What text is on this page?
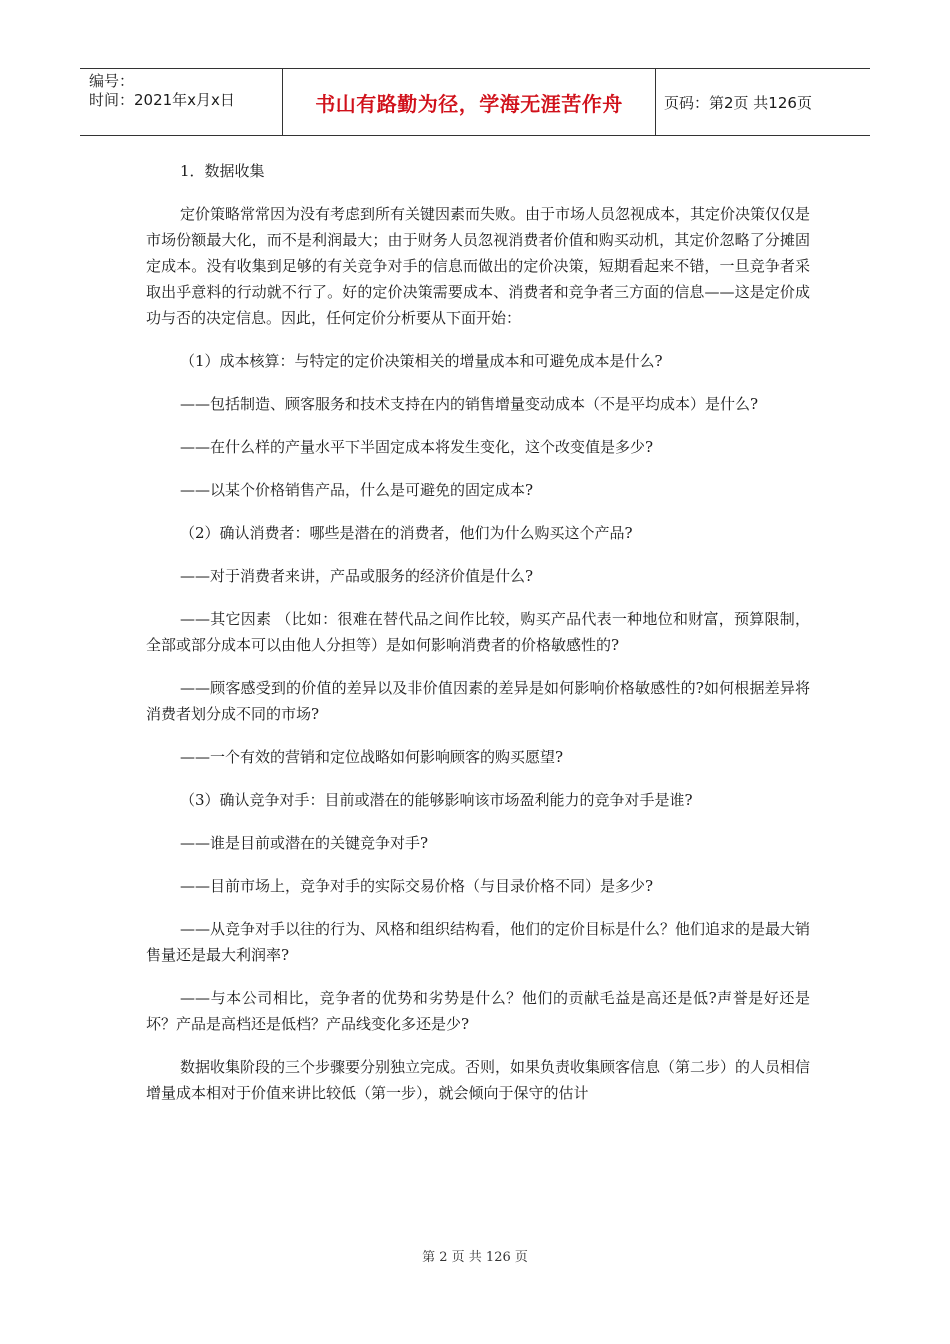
编号：
时间：2021年x月x日	书山有路勤为径，学海无涯苦作舟	页码：第2页 共126页

1．数据收集

定价策略常常因为没有考虑到所有关键因素而失败。由于市场人员忽视成本，其定价决策仅仅是市场份额最大化，而不是利润最大；由于财务人员忽视消费者价值和购买动机，其定价忽略了分摊固定成本。没有收集到足够的有关竞争对手的信息而做出的定价决策，短期看起来不错，一旦竞争者采取出乎意料的行动就不行了。好的定价决策需要成本、消费者和竞争者三方面的信息——这是定价成功与否的决定信息。因此，任何定价分析要从下面开始：

（1）成本核算：与特定的定价决策相关的增量成本和可避免成本是什么?

——包括制造、顾客服务和技术支持在内的销售增量变动成本（不是平均成本）是什么?

——在什么样的产量水平下半固定成本将发生变化，这个改变值是多少?

——以某个价格销售产品，什么是可避免的固定成本?

（2）确认消费者：哪些是潜在的消费者，他们为什么购买这个产品?

——对于消费者来讲，产品或服务的经济价值是什么?

——其它因素 （比如：很难在替代品之间作比较，购买产品代表一种地位和财富，预算限制，全部或部分成本可以由他人分担等）是如何影响消费者的价格敏感性的?

——顾客感受到的价值的差异以及非价值因素的差异是如何影响价格敏感性的?如何根据差异将消费者划分成不同的市场?

——一个有效的营销和定位战略如何影响顾客的购买愿望?

（3）确认竞争对手：目前或潜在的能够影响该市场盈利能力的竞争对手是谁?

——谁是目前或潜在的关键竞争对手?

——目前市场上，竞争对手的实际交易价格（与目录价格不同）是多少?

——从竞争对手以往的行为、风格和组织结构看，他们的定价目标是什么？他们追求的是最大销售量还是最大利润率?

——与本公司相比，竞争者的优势和劣势是什么？他们的贡献毛益是高还是低?声誉是好还是坏？产品是高档还是低档？产品线变化多还是少?

数据收集阶段的三个步骤要分别独立完成。否则，如果负责收集顾客信息（第二步）的人员相信增量成本相对于价值来讲比较低（第一步），就会倾向于保守的估计

第 2 页 共 126 页
